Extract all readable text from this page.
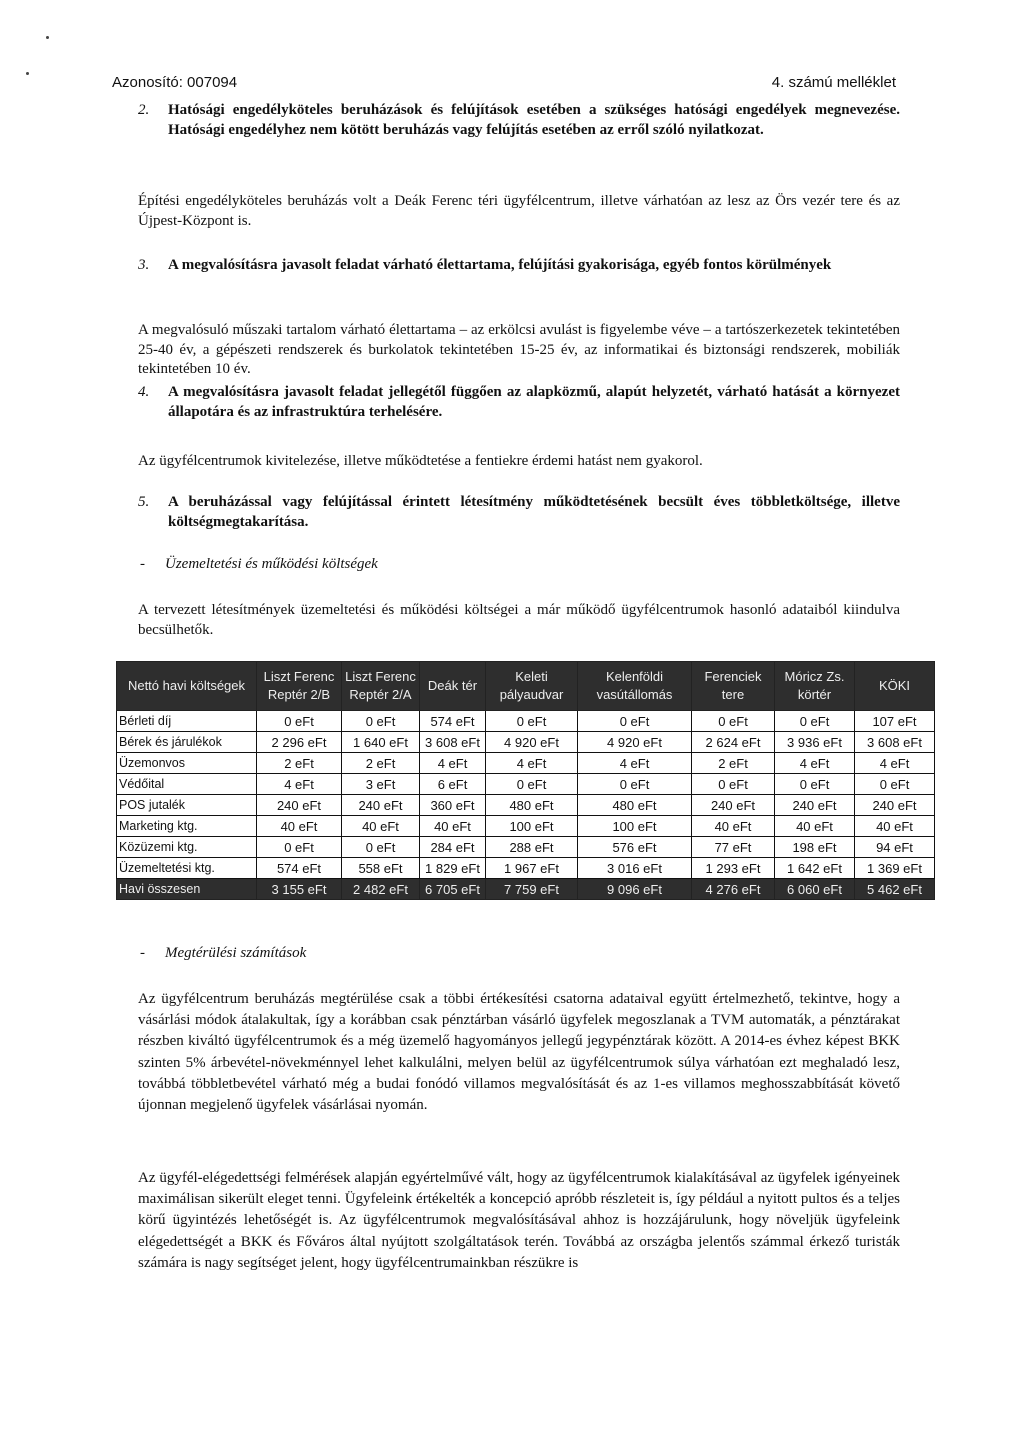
Azonosító: 007094	4. számú melléklet
2. Hatósági engedélyköteles beruházások és felújítások esetében a szükséges hatósági engedélyek megnevezése. Hatósági engedélyhez nem kötött beruházás vagy felújítás esetében az erről szóló nyilatkozat.
Építési engedélyköteles beruházás volt a Deák Ferenc téri ügyfélcentrum, illetve várhatóan az lesz az Örs vezér tere és az Újpest-Központ is.
3. A megvalósításra javasolt feladat várható élettartama, felújítási gyakorisága, egyéb fontos körülmények
A megvalósuló műszaki tartalom várható élettartama – az erkölcsi avulást is figyelembe véve – a tartószerkezetek tekintetében 25-40 év, a gépészeti rendszerek és burkolatok tekintetében 15-25 év, az informatikai és biztonsági rendszerek, mobiliák tekintetében 10 év.
4. A megvalósításra javasolt feladat jellegétől függően az alapközmű, alapút helyzetét, várható hatását a környezet állapotára és az infrastruktúra terhelésére.
Az ügyfélcentrumok kivitelezése, illetve működtetése a fentiekre érdemi hatást nem gyakorol.
5. A beruházással vagy felújítással érintett létesítmény működtetésének becsült éves többletköltsége, illetve költségmegtakarítása.
- Üzemeltetési és működési költségek
A tervezett létesítmények üzemeltetési és működési költségei a már működő ügyfélcentrumok hasonló adataiból kiindulva becsülhetők.
Nettó havi költségek	Liszt Ferenc Reptér 2/B	Liszt Ferenc Reptér 2/A	Deák tér	Keleti pályaudvar	Kelenföldi vasútállomás	Ferenciek tere	Móricz Zs. körtér	KÖKI
Bérleti díj	0 eFt	0 eFt	574 eFt	0 eFt	0 eFt	0 eFt	0 eFt	107 eFt
Bérek és járulékok	2 296 eFt	1 640 eFt	3 608 eFt	4 920 eFt	4 920 eFt	2 624 eFt	3 936 eFt	3 608 eFt
Üzemonvos	2 eFt	2 eFt	4 eFt	4 eFt	4 eFt	2 eFt	4 eFt	4 eFt
Védőital	4 eFt	3 eFt	6 eFt	0 eFt	0 eFt	0 eFt	0 eFt	0 eFt
POS jutalék	240 eFt	240 eFt	360 eFt	480 eFt	480 eFt	240 eFt	240 eFt	240 eFt
Marketing ktg.	40 eFt	40 eFt	40 eFt	100 eFt	100 eFt	40 eFt	40 eFt	40 eFt
Közüzemi ktg.	0 eFt	0 eFt	284 eFt	288 eFt	576 eFt	77 eFt	198 eFt	94 eFt
Üzemeltetési ktg.	574 eFt	558 eFt	1 829 eFt	1 967 eFt	3 016 eFt	1 293 eFt	1 642 eFt	1 369 eFt
Havi összesen	3 155 eFt	2 482 eFt	6 705 eFt	7 759 eFt	9 096 eFt	4 276 eFt	6 060 eFt	5 462 eFt
- Megtérülési számítások
Az ügyfélcentrum beruházás megtérülése csak a többi értékesítési csatorna adataival együtt értelmezhető, tekintve, hogy a vásárlási módok átalakultak, így a korábban csak pénztárban vásárló ügyfelek megoszlanak a TVM automaták, a pénztárakat részben kiváltó ügyfélcentrumok és a még üzemelő hagyományos jellegű jegypénztárak között. A 2014-es évhez képest BKK szinten 5% árbevétel-növekménnyel lehet kalkulálni, melyen belül az ügyfélcentrumok súlya várhatóan ezt meghaladó lesz, továbbá többletbevétel várható még a budai fonódó villamos megvalósítását és az 1-es villamos meghosszabbítását követő újonnan megjelenő ügyfelek vásárlásai nyomán.
Az ügyfél-elégedettségi felmérések alapján egyértelművé vált, hogy az ügyfélcentrumok kialakításával az ügyfelek igényeinek maximálisan sikerült eleget tenni. Ügyfeleink értékelték a koncepció apróbb részleteit is, így például a nyitott pultos és a teljes körű ügyintézés lehetőségét is. Az ügyfélcentrumok megvalósításával ahhoz is hozzájárulunk, hogy növeljük ügyfeleink elégedettségét a BKK és Főváros által nyújtott szolgáltatások terén. Továbbá az országba jelentős számmal érkező turisták számára is nagy segítséget jelent, hogy ügyfélcentrumainkban részükre is
